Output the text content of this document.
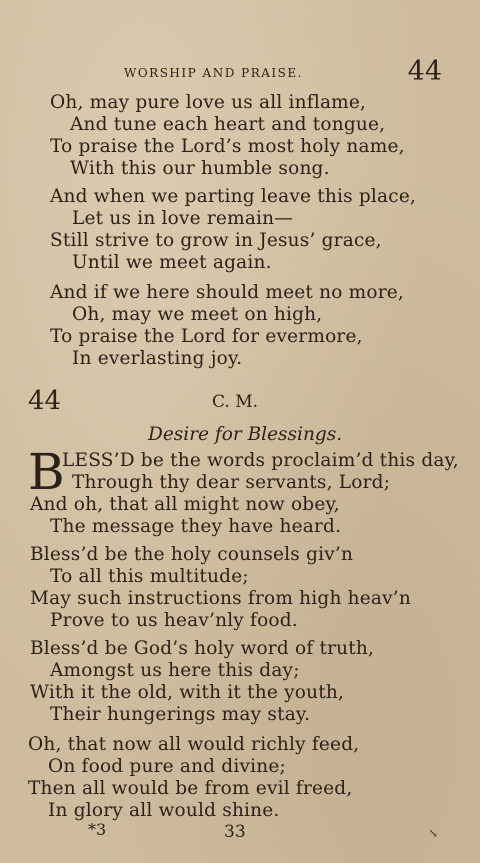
WORSHIP AND PRAISE.	44
Oh, may pure love us all inflame,
And tune each heart and tongue,
To praise the Lord’s most holy name,
With this our humble song.
And when we parting leave this place,
Let us in love remain—
Still strive to grow in Jesus’ grace,
Until we meet again.
And if we here should meet no more,
Oh, may we meet on high,
To praise the Lord for evermore,
In everlasting joy.
44	C. M.
Desire for Blessings.
B
LESS’D be the words proclaim’d this day,
Through thy dear servants, Lord;
And oh, that all might now obey,
The message they have heard.
Bless’d be the holy counsels giv’n
To all this multitude;
May such instructions from high heav’n
Prove to us heav’nly food.
Bless’d be God’s holy word of truth,
Amongst us here this day;
With it the old, with it the youth,
Their hungerings may stay.
Oh, that now all would richly feed,
On food pure and divine;
Then all would be from evil freed,
In glory all would shine.
*3	33	↘
